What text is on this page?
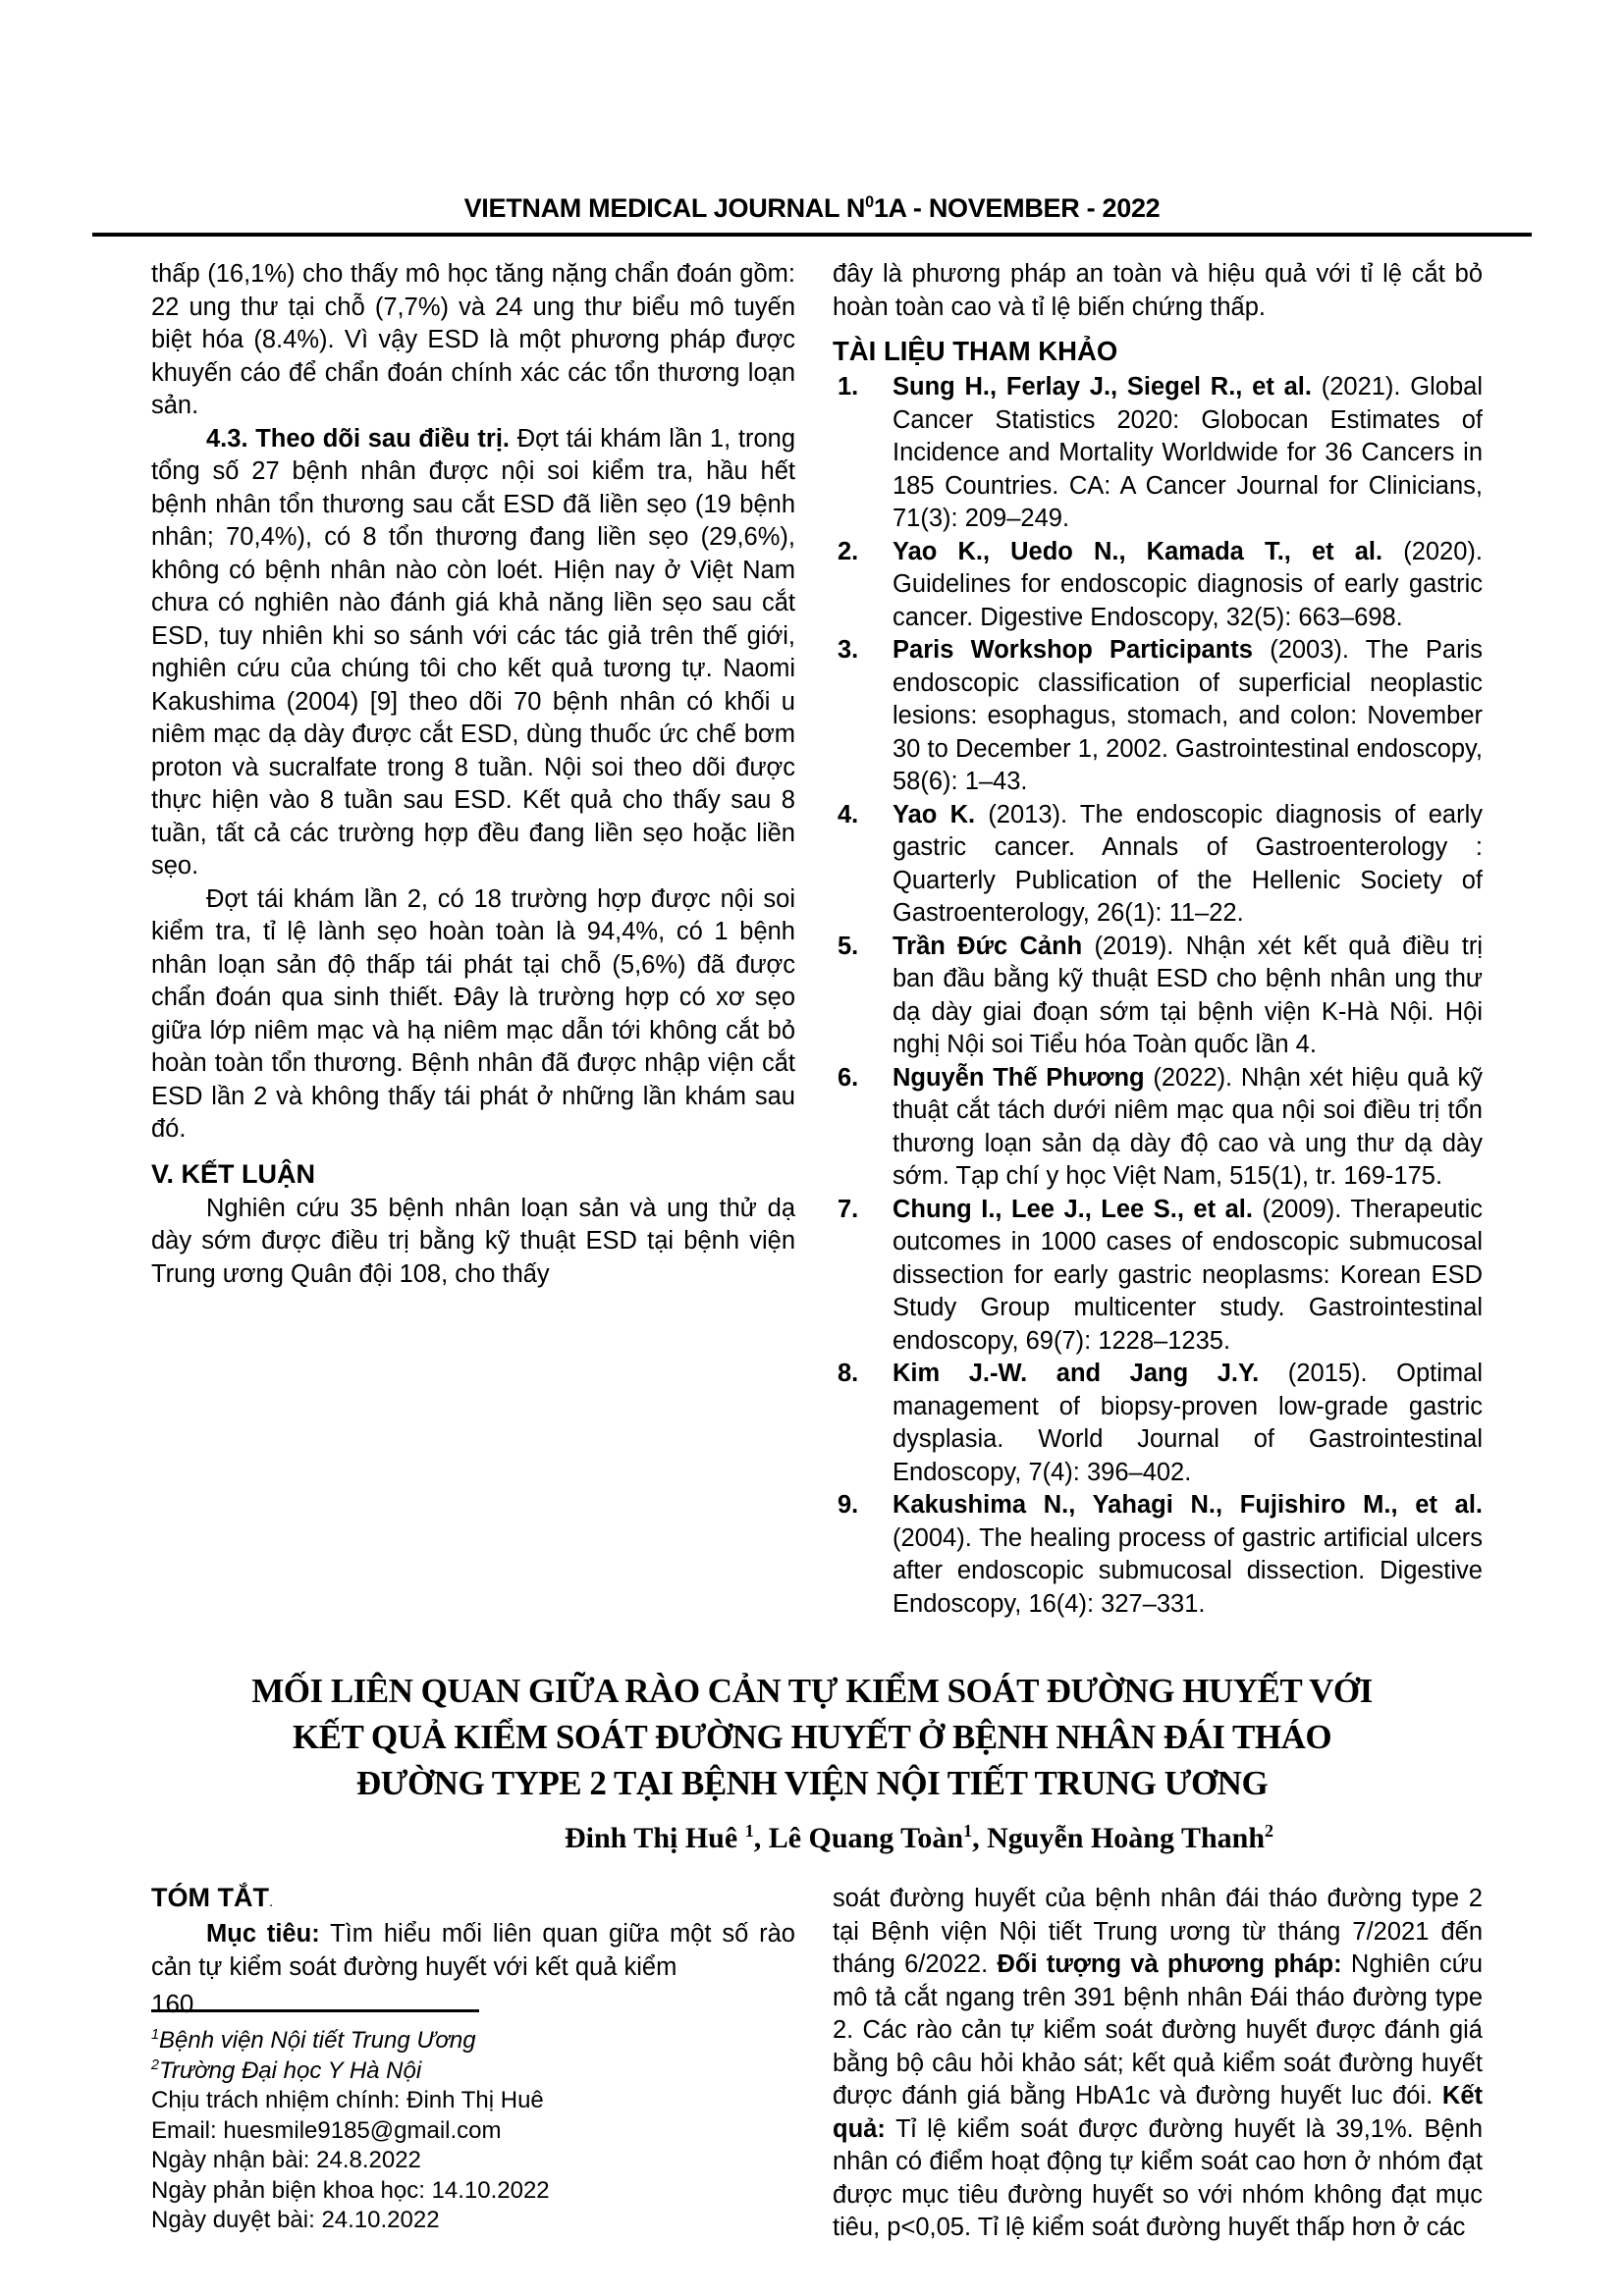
VIETNAM MEDICAL JOURNAL $N^01A$ - NOVEMBER - 2022

thấp (16,1%) cho thấy mô học tăng nặng chẩn đoán gồm: 22 ung thư tại chỗ (7,7%) và 24 ung thư biểu mô tuyến biệt hóa (8.4%). Vì vậy ESD là một phương pháp được khuyến cáo để chẩn đoán chính xác các tổn thương loạn sản.

4.3. Theo dõi sau điều trị. Đợt tái khám lần 1, trong tổng số 27 bệnh nhân được nội soi kiểm tra, hầu hết bệnh nhân tổn thương sau cắt ESD đã liền sẹo (19 bệnh nhân; 70,4%), có 8 tổn thương đang liền sẹo (29,6%), không có bệnh nhân nào còn loét. Hiện nay ở Việt Nam chưa có nghiên nào đánh giá khả năng liền sẹo sau cắt ESD, tuy nhiên khi so sánh với các tác giả trên thế giới, nghiên cứu của chúng tôi cho kết quả tương tự. Naomi Kakushima (2004) [9] theo dõi 70 bệnh nhân có khối u niêm mạc dạ dày được cắt ESD, dùng thuốc ức chế bơm proton và sucralfate trong 8 tuần. Nội soi theo dõi được thực hiện vào 8 tuần sau ESD. Kết quả cho thấy sau 8 tuần, tất cả các trường hợp đều đang liền sẹo hoặc liền sẹo.

Đợt tái khám lần 2, có 18 trường hợp được nội soi kiểm tra, tỉ lệ lành sẹo hoàn toàn là 94,4%, có 1 bệnh nhân loạn sản độ thấp tái phát tại chỗ (5,6%) đã được chẩn đoán qua sinh thiết. Đây là trường hợp có xơ sẹo giữa lớp niêm mạc và hạ niêm mạc dẫn tới không cắt bỏ hoàn toàn tổn thương. Bệnh nhân đã được nhập viện cắt ESD lần 2 và không thấy tái phát ở những lần khám sau đó.

V. KẾT LUẬN

Nghiên cứu 35 bệnh nhân loạn sản và ung thử dạ dày sớm được điều trị bằng kỹ thuật ESD tại bệnh viện Trung ương Quân đội 108, cho thấy

đây là phương pháp an toàn và hiệu quả với tỉ lệ cắt bỏ hoàn toàn cao và tỉ lệ biến chứng thấp.

TÀI LIỆU THAM KHẢO

1. Sung H., Ferlay J., Siegel R., et al. (2021). Global Cancer Statistics 2020: Globocan Estimates of Incidence and Mortality Worldwide for 36 Cancers in 185 Countries. CA: A Cancer Journal for Clinicians, 71(3): 209–249.

2. Yao K., Uedo N., Kamada T., et al. (2020). Guidelines for endoscopic diagnosis of early gastric cancer. Digestive Endoscopy, 32(5): 663–698.

3. Paris Workshop Participants (2003). The Paris endoscopic classification of superficial neoplastic lesions: esophagus, stomach, and colon: November 30 to December 1, 2002. Gastrointestinal endoscopy, 58(6): 1–43.

4. Yao K. (2013). The endoscopic diagnosis of early gastric cancer. Annals of Gastroenterology : Quarterly Publication of the Hellenic Society of Gastroenterology, 26(1): 11–22.

5. Trần Đức Cảnh (2019). Nhận xét kết quả điều trị ban đầu bằng kỹ thuật ESD cho bệnh nhân ung thư dạ dày giai đoạn sớm tại bệnh viện K-Hà Nội. Hội nghị Nội soi Tiểu hóa Toàn quốc lần 4.

6. Nguyễn Thế Phương (2022). Nhận xét hiệu quả kỹ thuật cắt tách dưới niêm mạc qua nội soi điều trị tổn thương loạn sản dạ dày độ cao và ung thư dạ dày sớm. Tạp chí y học Việt Nam, 515(1), tr. 169-175.

7. Chung I., Lee J., Lee S., et al. (2009). Therapeutic outcomes in 1000 cases of endoscopic submucosal dissection for early gastric neoplasms: Korean ESD Study Group multicenter study. Gastrointestinal endoscopy, 69(7): 1228–1235.

8. Kim J.-W. and Jang J.Y. (2015). Optimal management of biopsy-proven low-grade gastric dysplasia. World Journal of Gastrointestinal Endoscopy, 7(4): 396–402.

9. Kakushima N., Yahagi N., Fujishiro M., et al. (2004). The healing process of gastric artificial ulcers after endoscopic submucosal dissection. Digestive Endoscopy, 16(4): 327–331.

MỐI LIÊN QUAN GIỮA RÀO CẢN TỰ KIỂM SOÁT ĐƯỜNG HUYẾT VỚI
KẾT QUẢ KIỂM SOÁT ĐƯỜNG HUYẾT Ở BỆNH NHÂN ĐÁI THÁO
ĐƯỜNG TYPE 2 TẠI BỆNH VIỆN NỘI TIẾT TRUNG ƯƠNG
Đinh Thị Huê $^1$, Lê Quang Toàn$^1$, Nguyễn Hoàng Thanh$^2$
TÓM TẮT.

Mục tiêu: Tìm hiểu mối liên quan giữa một số rào cản tự kiểm soát đường huyết với kết quả kiểm

$^1$Bệnh viện Nội tiết Trung Ương
$^2$Trường Đại học Y Hà Nội
Chịu trách nhiệm chính: Đinh Thị Huê
Email: huesmile9185@gmail.com
Ngày nhận bài: 24.8.2022
Ngày phản biện khoa học: 14.10.2022
Ngày duyệt bài: 24.10.2022

soát đường huyết của bệnh nhân đái tháo đường type 2 tại Bệnh viện Nội tiết Trung ương từ tháng 7/2021 đến tháng 6/2022. Đối tượng và phương pháp: Nghiên cứu mô tả cắt ngang trên 391 bệnh nhân Đái tháo đường type 2. Các rào cản tự kiểm soát đường huyết được đánh giá bằng bộ câu hỏi khảo sát; kết quả kiểm soát đường huyết được đánh giá bằng HbA1c và đường huyết luc đói. Kết quả: Tỉ lệ kiểm soát được đường huyết là 39,1%. Bệnh nhân có điểm hoạt động tự kiểm soát cao hơn ở nhóm đạt được mục tiêu đường huyết so với nhóm không đạt mục tiêu, p<0,05. Tỉ lệ kiểm soát đường huyết thấp hơn ở các

160
